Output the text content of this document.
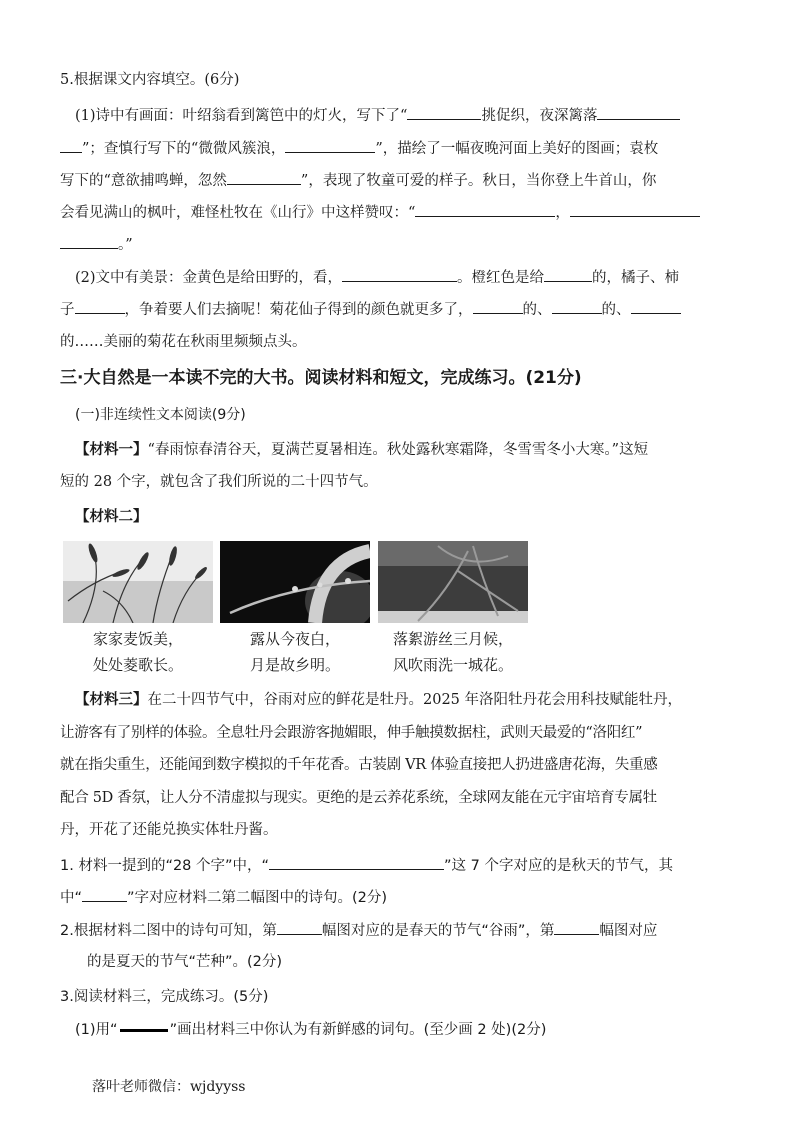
5.根据课文内容填空。(6分)
(1)诗中有画面：叶绍翁看到篱笆中的灯火，写下了“	挑促织，夜深篱落
”；查慎行写下的“微微风簇浪，	”，描绘了一幅夜晚河面上美好的图画；袁枚
写下的“意欲捕鸣蝉，忽然	”，表现了牧童可爱的样子。秋日，当你登上牛首山，你
会看见满山的枫叶，难怪杜牧在《山行》中这样赞叹：“	，
。”
(2)文中有美景：金黄色是给田野的，看，	。橙红色是给	的，橘子、柿
子	，争着要人们去摘呢！菊花仙子得到的颜色就更多了，	的、	的、
的……美丽的菊花在秋雨里频频点头。
三·大自然是一本读不完的大书。阅读材料和短文，完成练习。(21分)
(一)非连续性文本阅读(9分)
【材料一】“春雨惊春清谷天，夏满芒夏暑相连。秋处露秋寒霜降，冬雪雪冬小大寒。”这短
短的 28 个字，就包含了我们所说的二十四节气。
【材料二】
家家麦饭美，
处处菱歌长。
露从今夜白，
月是故乡明。
落絮游丝三月候，
风吹雨洗一城花。
【材料三】在二十四节气中，谷雨对应的鲜花是牡丹。2025 年洛阳牡丹花会用科技赋能牡丹，
让游客有了别样的体验。全息牡丹会跟游客抛媚眼，伸手触摸数据柱，武则天最爱的“洛阳红”
就在指尖重生，还能闻到数字模拟的千年花香。古装剧 VR 体验直接把人扔进盛唐花海，失重感
配合 5D 香氛，让人分不清虚拟与现实。更绝的是云养花系统，全球网友能在元宇宙培育专属牡
丹，开花了还能兑换实体牡丹酱。
1. 材料一提到的“28 个字”中，“	”这 7 个字对应的是秋天的节气，其
中“	”字对应材料二第二幅图中的诗句。(2分)
2.根据材料二图中的诗句可知，第	幅图对应的是春天的节气“谷雨”，第	幅图对应
的是夏天的节气“芒种”。(2分)
3.阅读材料三，完成练习。(5分)
(1)用“	”画出材料三中你认为有新鲜感的词句。(至少画 2 处)(2分)
落叶老师微信：wjdyyss
